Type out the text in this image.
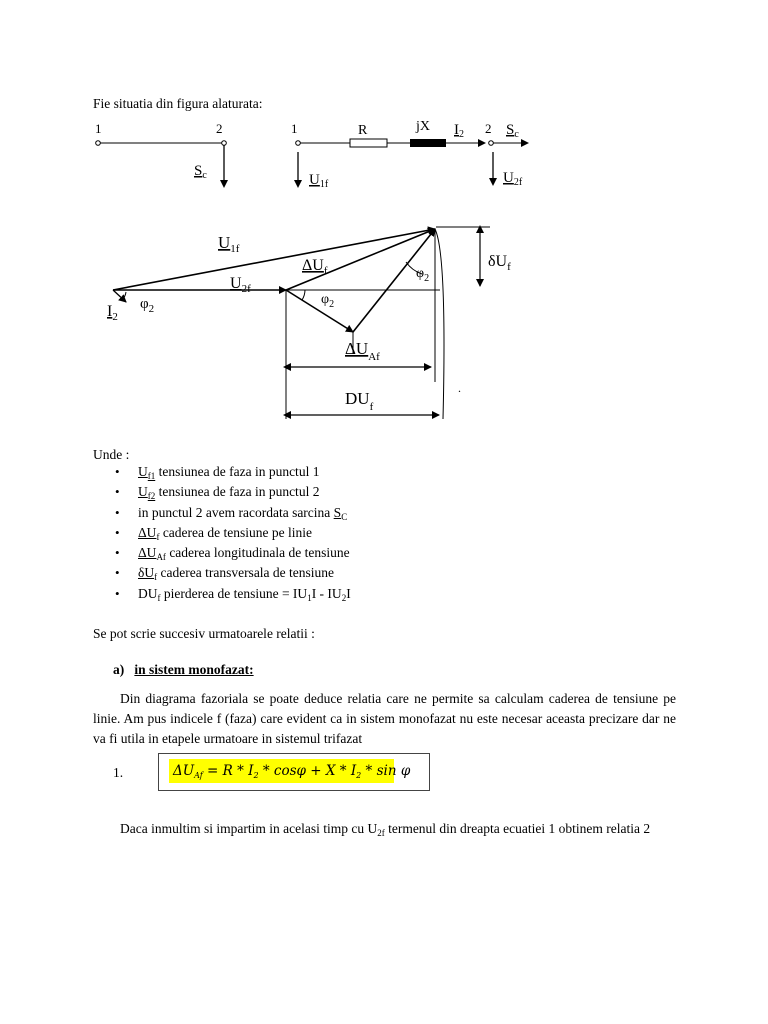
Fie situatia din figura alaturata:
1	2
$S_c$
1	R	jX $I_2$ 2 $S_c$
$U_{1f}$	$U_{2f}$
$U_{1f}$
$U_{2f}$
$I_2$
$\varphi_2$
$\Delta U_f$
$\varphi_2$
$\varphi_2$
$\delta U_f$
$\Delta U_{Af}$
$DU_f$
.
Unde :
• $U_{f1}$ tensiunea de faza in punctul 1
• $U_{f2}$ tensiunea de faza in punctul 2
• in punctul 2 avem racordata sarcina $S_C$
• $\Delta U_f$ caderea de tensiune pe linie
• $\Delta U_{Af}$ caderea longitudinala de tensiune
• $\delta U_f$ caderea transversala de tensiune
• $DU_f$ pierderea de tensiune = $IU_1I - IU_2I$
Se pot scrie succesiv urmatoarele relatii :
a) in sistem monofazat:

Din diagrama fazoriala se poate deduce relatia care ne permite sa calculam caderea de tensiune pe linie. Am pus indicele f (faza) care evident ca in sistem monofazat nu este necesar aceasta precizare dar ne va fi utila in etapele urmatoare in sistemul trifazat

1.	$\Delta U_{Af} = R * I_2 * \cos\varphi + X * I_2 * \sin \varphi$

Daca inmultim si impartim in acelasi timp cu $U_{2f}$ termenul din dreapta ecuatiei 1 obtinem relatia 2
